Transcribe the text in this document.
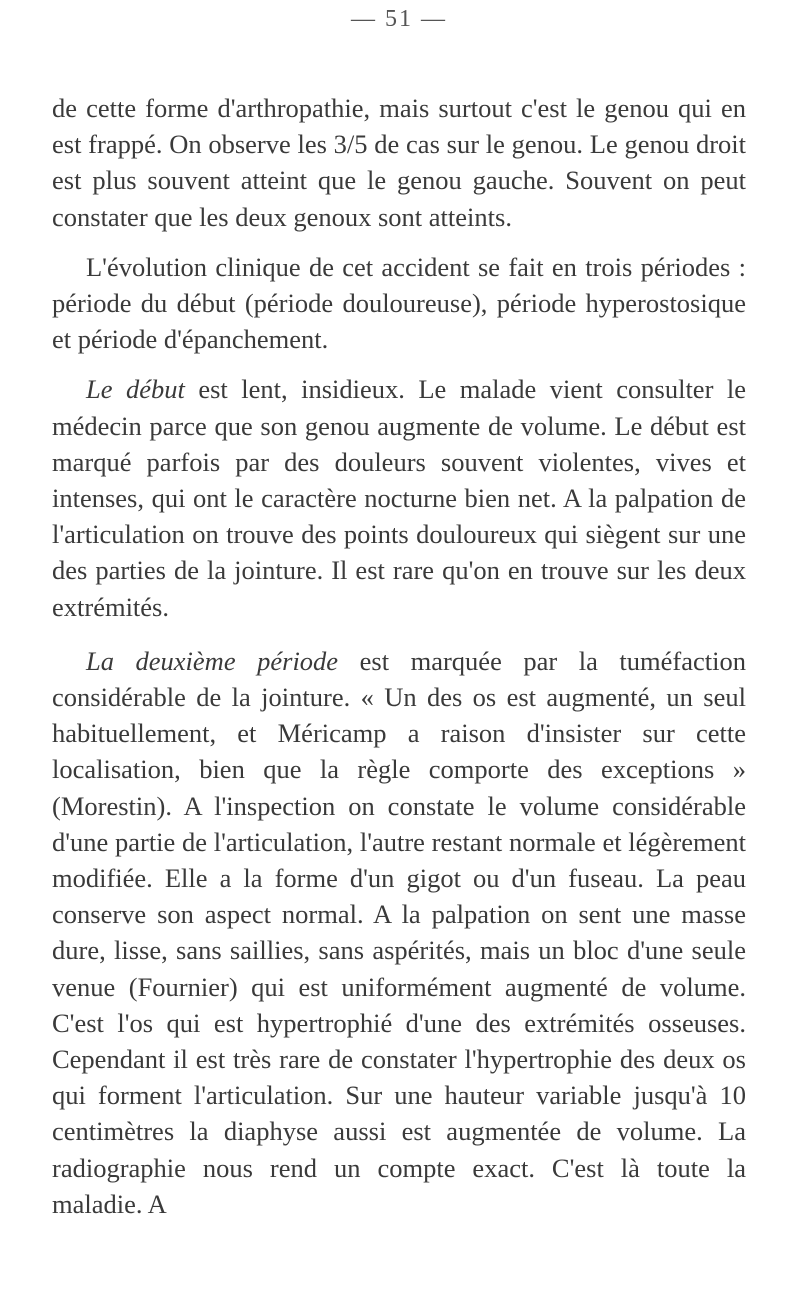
— 51 —

de cette forme d'arthropathie, mais surtout c'est le genou qui en est frappé. On observe les 3/5 de cas sur le genou. Le genou droit est plus souvent atteint que le genou gauche. Souvent on peut constater que les deux genoux sont atteints.

L'évolution clinique de cet accident se fait en trois périodes : période du début (période douloureuse), période hyperostosique et période d'épanchement.

Le début est lent, insidieux. Le malade vient consulter le médecin parce que son genou augmente de volume. Le début est marqué parfois par des douleurs souvent violentes, vives et intenses, qui ont le caractère nocturne bien net. A la palpation de l'articulation on trouve des points douloureux qui siègent sur une des parties de la jointure. Il est rare qu'on en trouve sur les deux extrémités.

La deuxième période est marquée par la tuméfaction considérable de la jointure. « Un des os est augmenté, un seul habituellement, et Méricamp a raison d'insister sur cette localisation, bien que la règle comporte des exceptions » (Morestin). A l'inspection on constate le volume considérable d'une partie de l'articulation, l'autre restant normale et légèrement modifiée. Elle a la forme d'un gigot ou d'un fuseau. La peau conserve son aspect normal. A la palpation on sent une masse dure, lisse, sans saillies, sans aspérités, mais un bloc d'une seule venue (Fournier) qui est uniformément augmenté de volume. C'est l'os qui est hypertrophié d'une des extrémités osseuses. Cependant il est très rare de constater l'hypertrophie des deux os qui forment l'articulation. Sur une hauteur variable jusqu'à 10 centimètres la diaphyse aussi est augmentée de volume. La radiographie nous rend un compte exact. C'est là toute la maladie. A
